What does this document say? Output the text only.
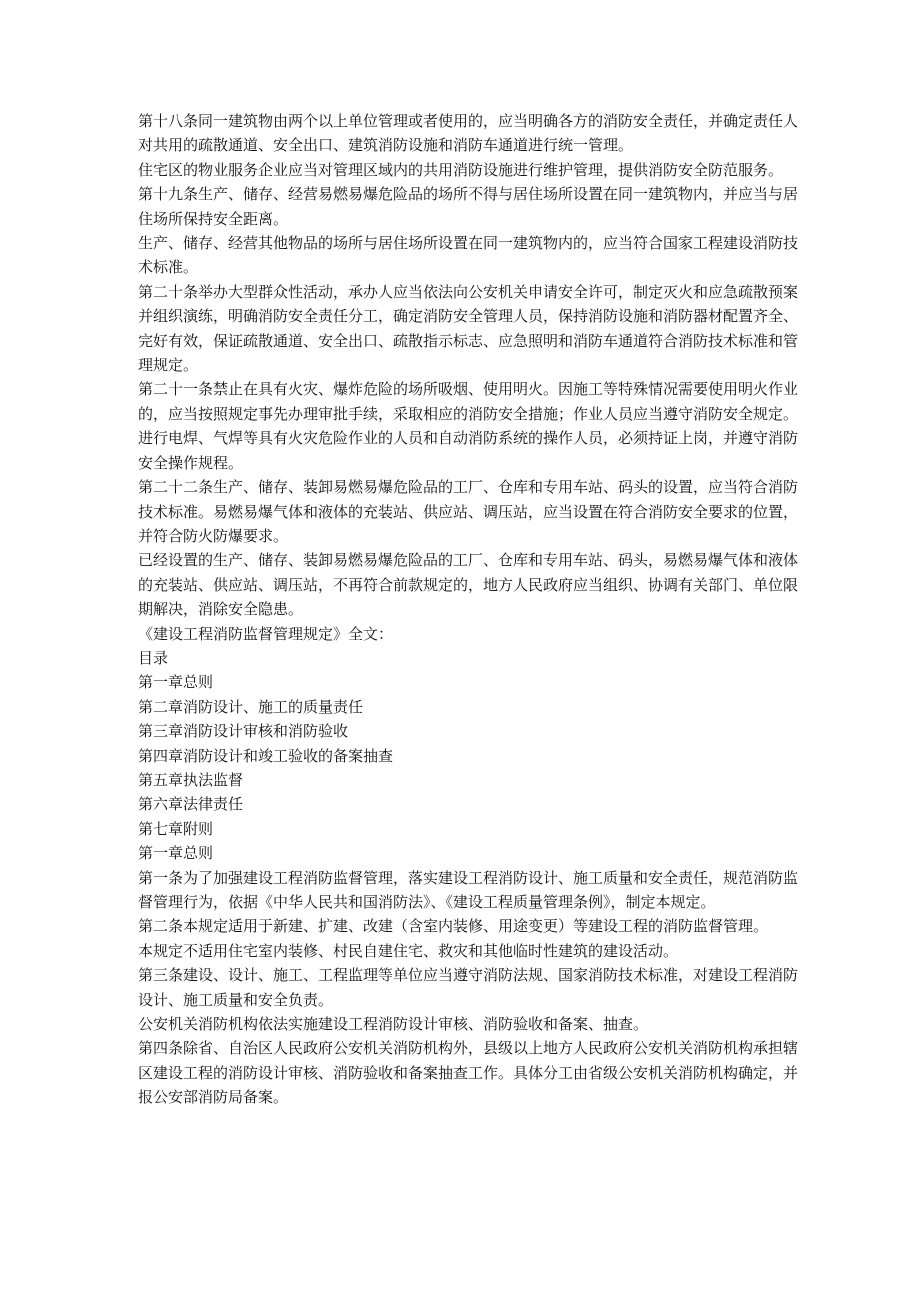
第十八条同一建筑物由两个以上单位管理或者使用的，应当明确各方的消防安全责任，并确定责任人对共用的疏散通道、安全出口、建筑消防设施和消防车通道进行统一管理。

住宅区的物业服务企业应当对管理区域内的共用消防设施进行维护管理，提供消防安全防范服务。

第十九条生产、储存、经营易燃易爆危险品的场所不得与居住场所设置在同一建筑物内，并应当与居住场所保持安全距离。

生产、储存、经营其他物品的场所与居住场所设置在同一建筑物内的，应当符合国家工程建设消防技术标准。

第二十条举办大型群众性活动，承办人应当依法向公安机关申请安全许可，制定灭火和应急疏散预案并组织演练，明确消防安全责任分工，确定消防安全管理人员，保持消防设施和消防器材配置齐全、完好有效，保证疏散通道、安全出口、疏散指示标志、应急照明和消防车通道符合消防技术标准和管理规定。

第二十一条禁止在具有火灾、爆炸危险的场所吸烟、使用明火。因施工等特殊情况需要使用明火作业的，应当按照规定事先办理审批手续，采取相应的消防安全措施；作业人员应当遵守消防安全规定。

进行电焊、气焊等具有火灾危险作业的人员和自动消防系统的操作人员，必须持证上岗，并遵守消防安全操作规程。

第二十二条生产、储存、装卸易燃易爆危险品的工厂、仓库和专用车站、码头的设置，应当符合消防技术标准。易燃易爆气体和液体的充装站、供应站、调压站，应当设置在符合消防安全要求的位置，并符合防火防爆要求。

已经设置的生产、储存、装卸易燃易爆危险品的工厂、仓库和专用车站、码头，易燃易爆气体和液体的充装站、供应站、调压站，不再符合前款规定的，地方人民政府应当组织、协调有关部门、单位限期解决，消除安全隐患。

《建设工程消防监督管理规定》全文：

目录

第一章总则

第二章消防设计、施工的质量责任

第三章消防设计审核和消防验收

第四章消防设计和竣工验收的备案抽查

第五章执法监督

第六章法律责任

第七章附则

第一章总则

第一条为了加强建设工程消防监督管理，落实建设工程消防设计、施工质量和安全责任，规范消防监督管理行为，依据《中华人民共和国消防法》、《建设工程质量管理条例》，制定本规定。

第二条本规定适用于新建、扩建、改建（含室内装修、用途变更）等建设工程的消防监督管理。

本规定不适用住宅室内装修、村民自建住宅、救灾和其他临时性建筑的建设活动。

第三条建设、设计、施工、工程监理等单位应当遵守消防法规、国家消防技术标准，对建设工程消防设计、施工质量和安全负责。

公安机关消防机构依法实施建设工程消防设计审核、消防验收和备案、抽查。

第四条除省、自治区人民政府公安机关消防机构外，县级以上地方人民政府公安机关消防机构承担辖区建设工程的消防设计审核、消防验收和备案抽查工作。具体分工由省级公安机关消防机构确定，并报公安部消防局备案。
